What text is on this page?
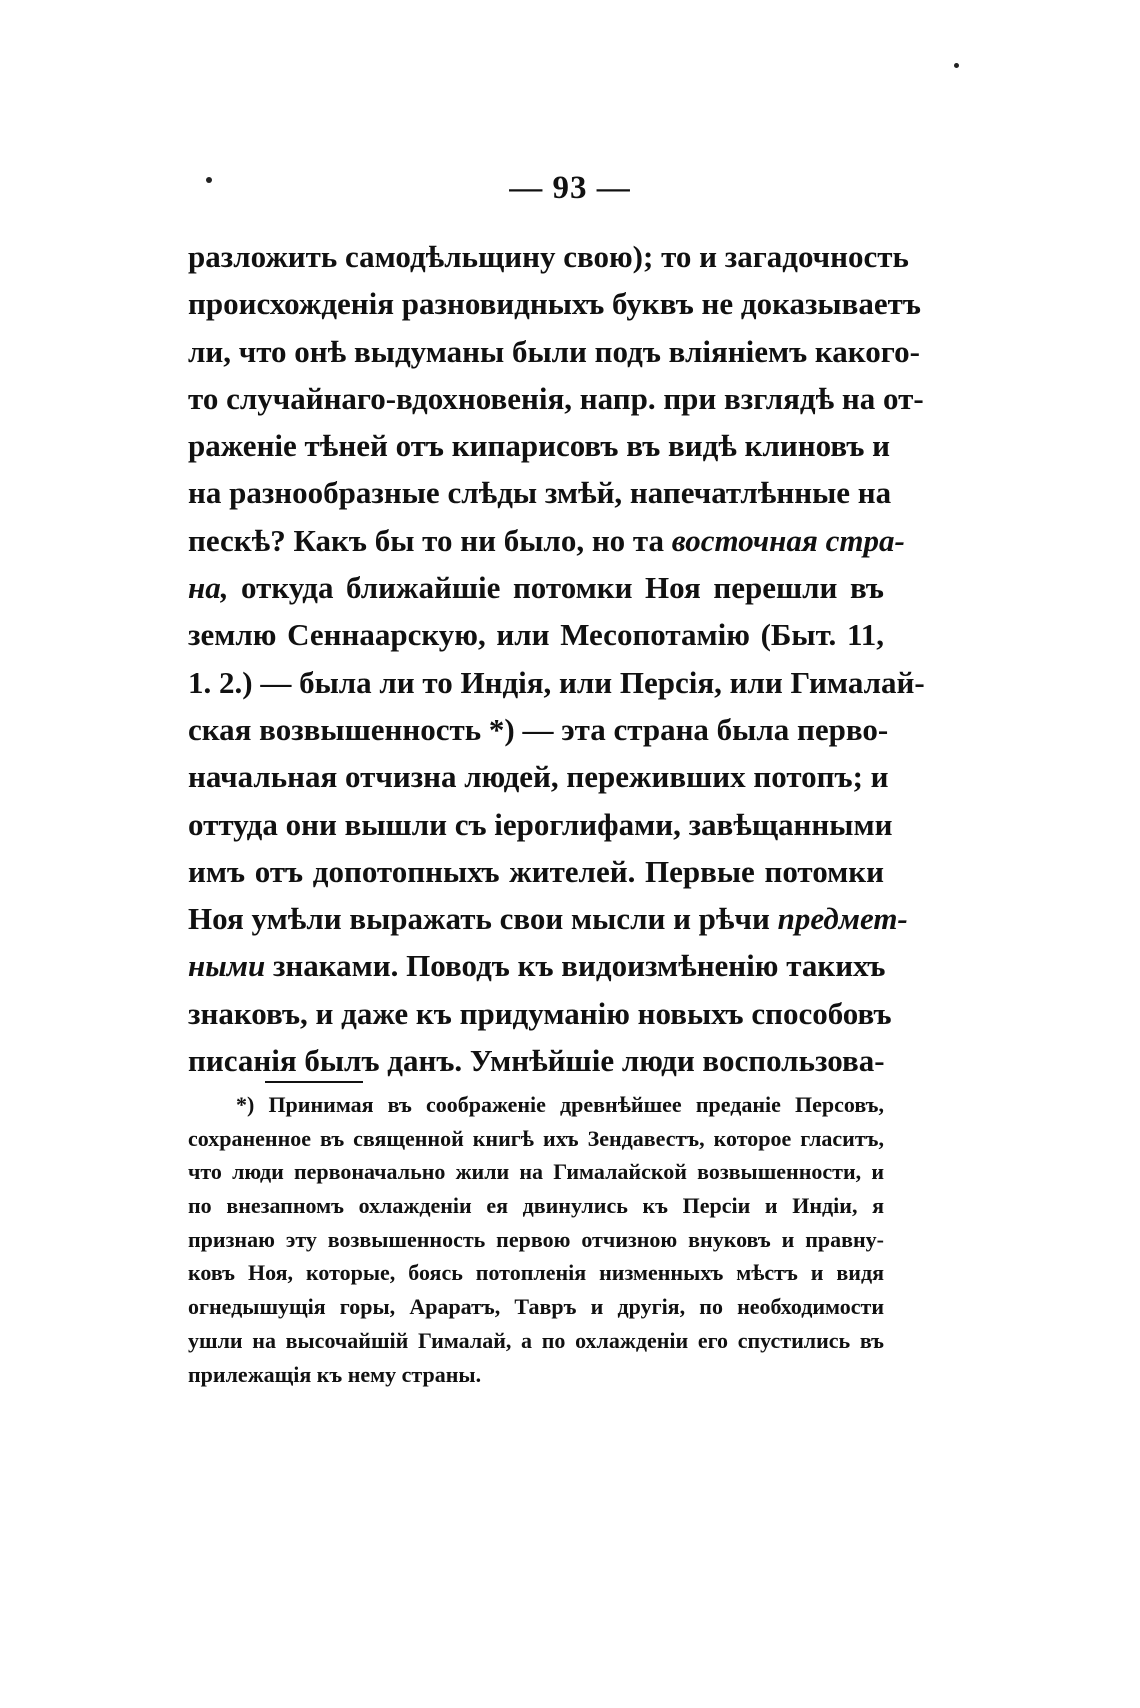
— 93 —
разложить самодѣльщину свою); то и загадочность
происхожденія разновидныхъ буквъ не доказываетъ
ли, что онѣ выдуманы были подъ вліяніемъ какого-
то случайнаго-вдохновенія, напр. при взглядѣ на от-
раженіе тѣней отъ кипарисовъ въ видѣ клиновъ и
на разнообразные слѣды змѣй, напечатлѣнные на
пескѣ? Какъ бы то ни было, но та восточная стра-
на, откуда ближайшіе потомки Ноя перешли въ
землю Сеннаарскую, или Месопотамію (Быт. 11,
1. 2.) — была ли то Индія, или Персія, или Гималай-
ская возвышенность *) — эта страна была перво-
начальная отчизна людей, переживших потопъ; и
оттуда они вышли съ іероглифами, завѣщанными
имъ отъ допотопныхъ жителей. Первые потомки
Ноя умѣли выражать свои мысли и рѣчи предмет-
ными знаками. Поводъ къ видоизмѣненію такихъ
знаковъ, и даже къ придуманію новыхъ способовъ
писанія былъ данъ. Умнѣйшіе люди воспользова-
*) Принимая въ соображеніе древнѣйшее преданіе Персовъ,
сохраненное въ священной книгѣ ихъ Зендавестъ, которое гласитъ,
что люди первоначально жили на Гималайской возвышенности, и
по внезапномъ охлажденіи ея двинулись къ Персіи и Индіи, я
признаю эту возвышенность первою отчизною внуковъ и правну-
ковъ Ноя, которые, боясь потопленія низменныхъ мѣстъ и видя
огнедышущія горы, Араратъ, Тавръ и другія, по необходимости
ушли на высочайшій Гималай, а по охлажденіи его спустились въ
прилежащія къ нему страны.
